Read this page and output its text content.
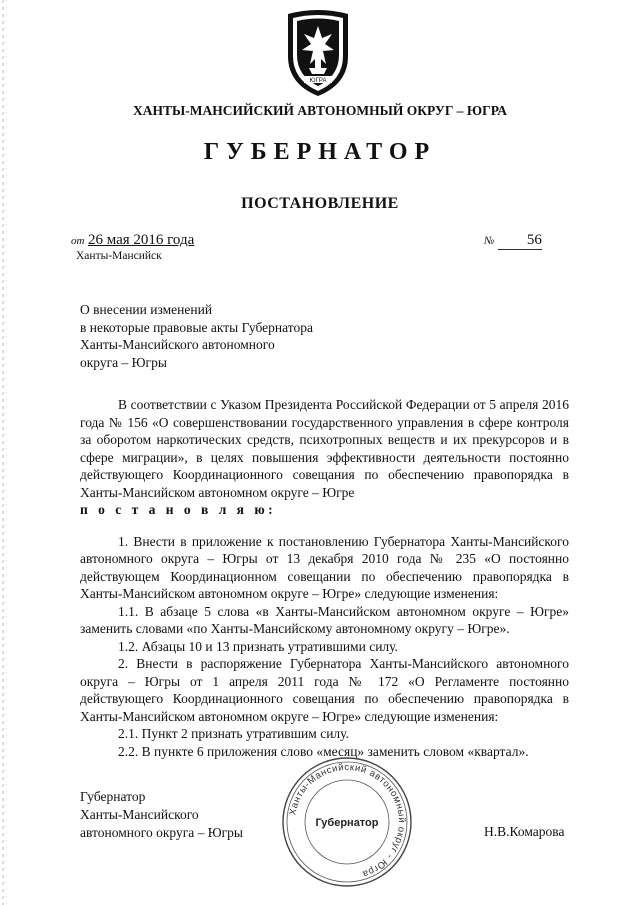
ЮГРА
ХАНТЫ-МАНСИЙСКИЙ АВТОНОМНЫЙ ОКРУГ – ЮГРА
ГУБЕРНАТОР
ПОСТАНОВЛЕНИЕ
от 26 мая 2016 года
Ханты-Мансийск
№ 56
О внесении изменений
в некоторые правовые акты Губернатора
Ханты-Мансийского автономного
округа – Югры

В соответствии с Указом Президента Российской Федерации от 5 апреля 2016 года № 156 «О совершенствовании государственного управления в сфере контроля за оборотом наркотических средств, психотропных веществ и их прекурсоров и в сфере миграции», в целях повышения эффективности деятельности постоянно действующего Координационного совещания по обеспечению правопорядка в Ханты-Мансийском автономном округе – Югре

п о с т а н о в л я ю:

1. Внести в приложение к постановлению Губернатора Ханты-Мансийского автономного округа – Югры от 13 декабря 2010 года № 235 «О постоянно действующем Координационном совещании по обеспечению правопорядка в Ханты-Мансийском автономном округе – Югре» следующие изменения:

1.1. В абзаце 5 слова «в Ханты-Мансийском автономном округе – Югре» заменить словами «по Ханты-Мансийскому автономному округу – Югре».

1.2. Абзацы 10 и 13 признать утратившими силу.

2. Внести в распоряжение Губернатора Ханты-Мансийского автономного округа – Югры от 1 апреля 2011 года № 172 «О Регламенте постоянно действующего Координационного совещания по обеспечению правопорядка в Ханты-Мансийском автономном округе – Югре» следующие изменения:

2.1. Пункт 2 признать утратившим силу.

2.2. В пункте 6 приложения слово «месяц» заменить словом «квартал».

Губернатор
Ханты-Мансийского
автономного округа – Югры
Ханты-Мансийский автономный округ - Югра
Губернатор
Н.В.Комарова
